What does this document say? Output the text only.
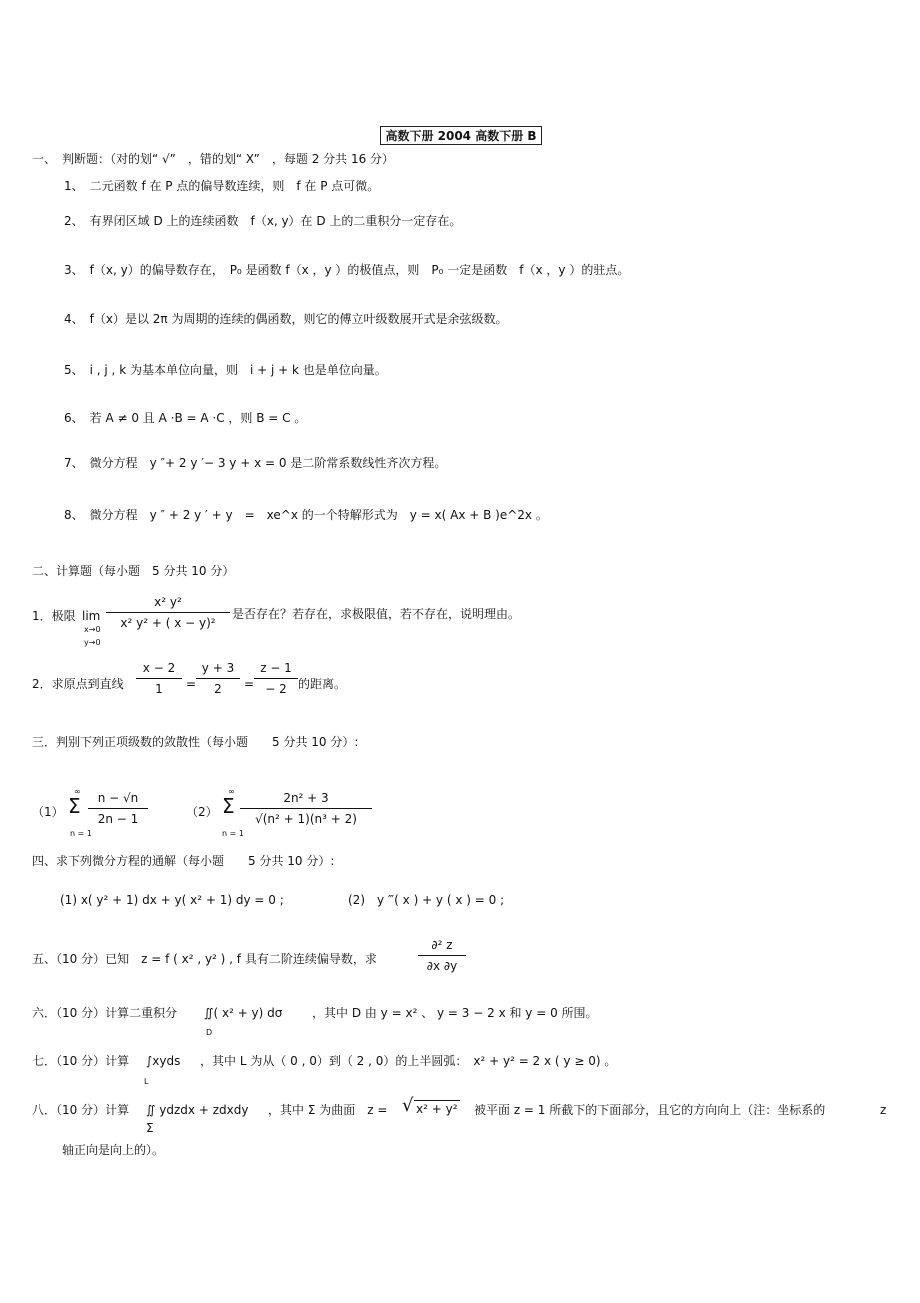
高数下册 2004 高数下册 B
一、　判断题：（对的划“ √”　，错的划“ X”　，每题 2 分共 16 分）
1、　二元函数 f 在 P 点的偏导数连续，则　f 在 P 点可微。
2、　有界闭区域 D 上的连续函数　f（x, y）在 D 上的二重积分一定存在。
3、　f（x, y）的偏导数存在，　P₀ 是函数 f（x ，y ）的极值点，则　P₀ 一定是函数　f（x ，y ）的驻点。
4、　f（x）是以 2π 为周期的连续的偶函数，则它的傅立叶级数展开式是余弦级数。
5、　i , j , k 为基本单位向量，则　i + j + k 也是单位向量。
6、　若 A ≠ 0 且 A ·B = A ·C ，则 B = C 。
7、　微分方程　y ″+ 2 y ′− 3 y + x = 0 是二阶常系数线性齐次方程。
8、　微分方程　y ″ + 2 y ′ + y　=　xe^x 的一个特解形式为　y = x( Ax + B )e^2x 。
二、计算题（每小题　5 分共 10 分）
1．极限 lim
x→0
y→0
x² y²
x² y² + ( x − y)²
是否存在？若存在，求极限值，若不存在，说明理由。
2．求原点到直线
x − 2
1	=
y + 3
2	=
z − 1
− 2 的距离。
三．判别下列正项级数的敛散性（每小题　　5 分共 10 分）:
（1）
∞
Σ
n = 1
n − √n
2n − 1	（2）
∞
Σ
n = 1
2n² + 3
√(n² + 1)(n³ + 2)
四、求下列微分方程的通解（每小题　　5 分共 10 分）:
(1) x( y² + 1) dx + y( x² + 1) dy = 0 ;	(2)　y ‴( x ) + y ( x ) = 0 ;
五、（10 分）已知　z = f ( x² , y² ) , f 具有二阶连续偏导数，求
∂² z
∂x ∂y
六．（10 分）计算二重积分 ∬( x² + y) dσ
D
，其中 D 由 y = x² 、 y = 3 − 2 x 和 y = 0 所围。
七．（10 分）计算 ∫xyds
L
，其中 L 为从（ 0 , 0）到（ 2 , 0）的上半圆弧：　x² + y² = 2 x ( y ≥ 0) 。
八．（10 分）计算 ∬ ydzdx + zdxdy
Σ
，其中 Σ 为曲面　z = √ x² + y² 被平面 z = 1 所截下的下面部分，且它的方向向上（注：坐标系的	z
轴正向是向上的）。
